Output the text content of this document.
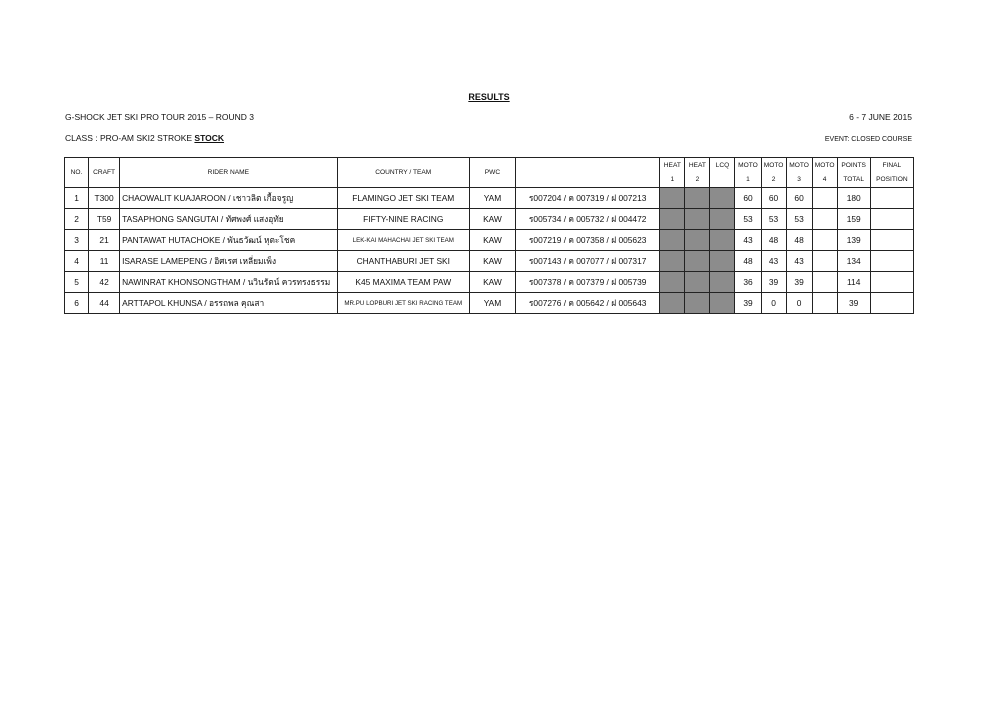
RESULTS
G-SHOCK JET SKI PRO TOUR 2015 – ROUND 3	6 - 7 JUNE 2015
CLASS : PRO-AM SKI2 STROKE STOCK	EVENT: CLOSED COURSE
NO.	CRAFT	RIDER NAME	COUNTRY / TEAM	PWC		HEAT	HEAT	LCQ	MOTO	MOTO	MOTO	MOTO	POINTS	FINAL
						1	2		1	2	3	4	TOTAL	POSITION
1	T300	CHAOWALIT KUAJAROON / เชาวลิต เกื้อจรูญ	FLAMINGO JET SKI TEAM	YAM	ร007204 / ค 007319 / ฝ 007213				60	60	60		180	
2	T59	TASAPHONG SANGUTAI / ทัศพงศ์ แสงอุทัย	FIFTY-NINE RACING	KAW	ร005734 / ค 005732 / ฝ 004472				53	53	53		159	
3	21	PANTAWAT HUTACHOKE / พันธวัฒน์ หุตะโชค	LEK-KAI MAHACHAI JET SKI TEAM	KAW	ร007219 / ค 007358 / ฝ 005623				43	48	48		139	
4	11	ISARASE LAMEPENG / อิศเรศ เหลี่ยมเพ็ง	CHANTHABURI JET SKI	KAW	ร007143 / ค 007077 / ฝ 007317				48	43	43		134	
5	42	NAWINRAT KHONSONGTHAM / นวินรัตน์ ควรทรงธรรม	K45 MAXIMA TEAM PAW	KAW	ร007378 / ค 007379 / ฝ 005739				36	39	39		114	
6	44	ARTTAPOL KHUNSA / อรรถพล คุณสา	MR.PU LOPBURI JET SKI RACING TEAM	YAM	ร007276 / ค 005642 / ฝ 005643				39	0	0		39	
